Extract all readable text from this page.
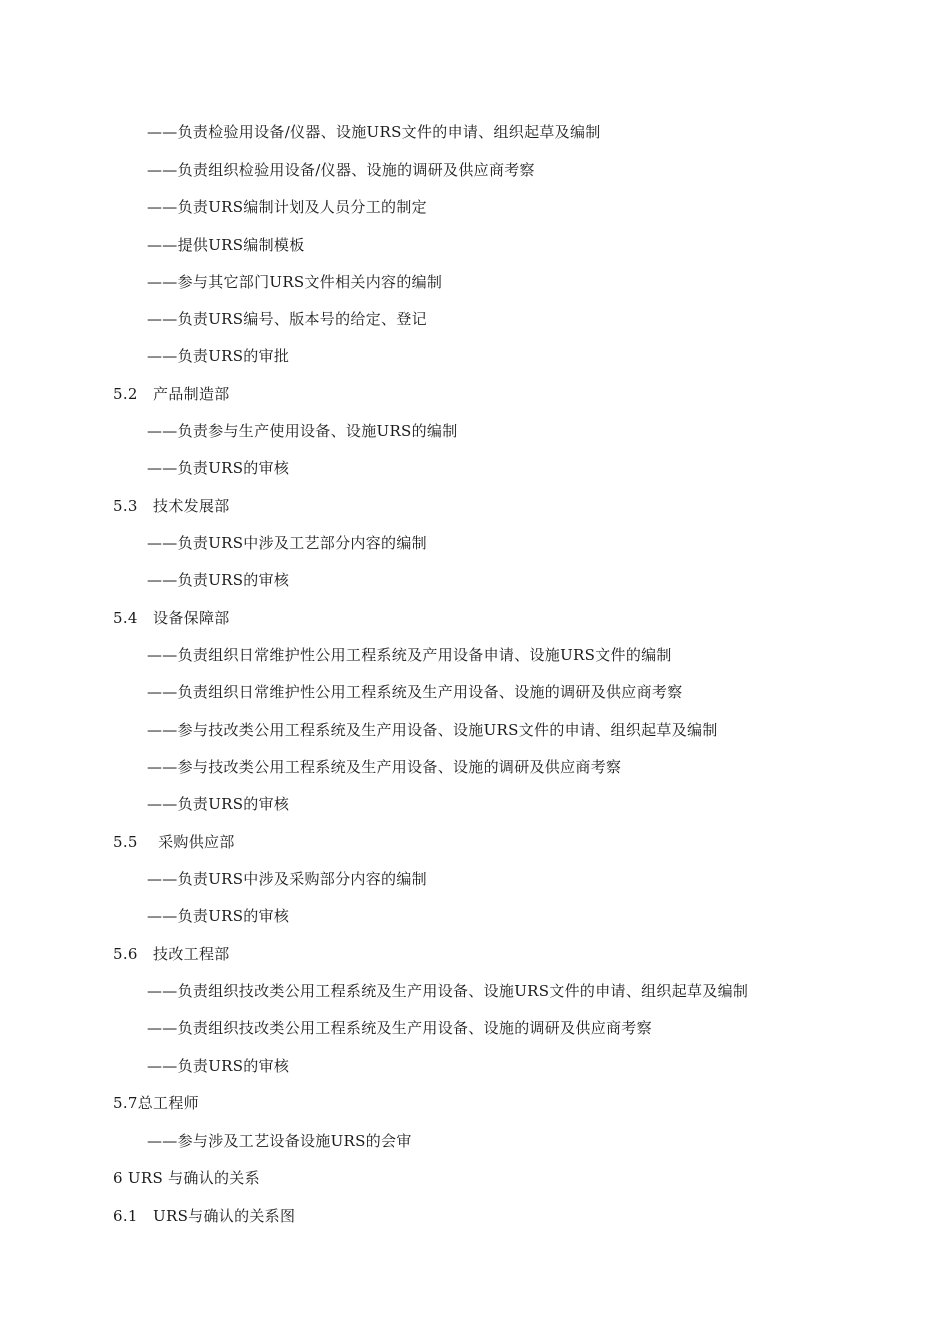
——负责检验用设备/仪器、设施URS文件的申请、组织起草及编制
——负责组织检验用设备/仪器、设施的调研及供应商考察
——负责URS编制计划及人员分工的制定
——提供URS编制模板
——参与其它部门URS文件相关内容的编制
——负责URS编号、版本号的给定、登记
——负责URS的审批
5.2　产品制造部
——负责参与生产使用设备、设施URS的编制
——负责URS的审核
5.3　技术发展部
——负责URS中涉及工艺部分内容的编制
——负责URS的审核
5.4　设备保障部
——负责组织日常维护性公用工程系统及产用设备申请、设施URS文件的编制
——负责组织日常维护性公用工程系统及生产用设备、设施的调研及供应商考察
——参与技改类公用工程系统及生产用设备、设施URS文件的申请、组织起草及编制
——参与技改类公用工程系统及生产用设备、设施的调研及供应商考察
——负责URS的审核
5.5　 采购供应部
——负责URS中涉及采购部分内容的编制
——负责URS的审核
5.6　技改工程部
——负责组织技改类公用工程系统及生产用设备、设施URS文件的申请、组织起草及编制
——负责组织技改类公用工程系统及生产用设备、设施的调研及供应商考察
——负责URS的审核
5.7总工程师
——参与涉及工艺设备设施URS的会审
6 URS 与确认的关系
6.1　URS与确认的关系图
